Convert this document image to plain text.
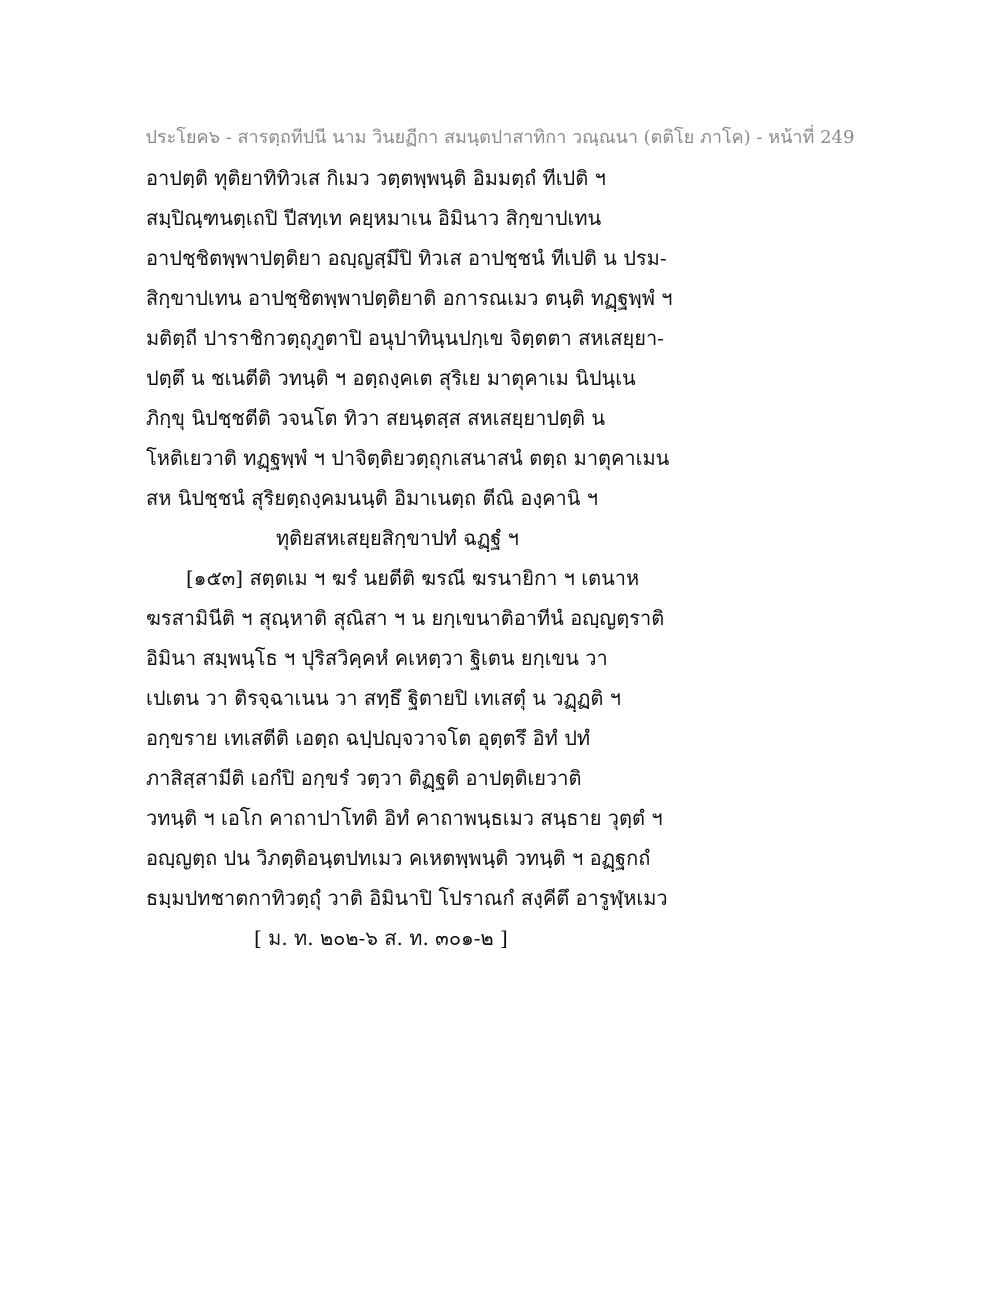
ประโยค๖ - สารตฺถทีปนี นาม วินยฏีกา สมนฺตปาสาทิกา วณฺณนา (ตติโย ภาโค) - หน้าที่ 249
อาปตฺติ ทุติยาทิทิวเส กิเมว วตฺตพฺพนฺติ อิมมตฺถํ ทีเปติ ฯ
สมฺปิณฺฑนตฺเถปิ ปีสทฺเท คยฺหมาเน อิมินาว สิกฺขาปเทน
อาปชฺชิตพฺพาปตฺติยา อญฺญสฺมึปิ ทิวเส อาปชฺชนํ ทีเปติ น ปรม-
สิกฺขาปเทน อาปชฺชิตพฺพาปตฺติยาติ อการณเมว ตนฺติ ทฏฺฐพฺพํ ฯ
มติตฺถี ปาราชิกวตฺถุภูตาปิ อนุปาทินฺนปกฺเข จิตฺตตา สหเสยฺยา-
ปตฺตึ น ชเนตีติ วทนฺติ ฯ อตฺถงฺคเต สุริเย มาตุคาเม นิปนฺเน
ภิกฺขุ นิปชฺชตีติ วจนโต ทิวา สยนฺตสฺส สหเสยฺยาปตฺติ น
โหติเยวาติ ทฏฺฐพฺพํ ฯ ปาจิตฺติยวตฺถุกเสนาสนํ ตตฺถ มาตุคาเมน
สห นิปชฺชนํ สุริยตฺถงฺคมนนฺติ อิมาเนตฺถ ตีณิ องฺคานิ ฯ
ทุติยสหเสยฺยสิกฺขาปทํ ฉฏฺฐํ ฯ
[๑๕๓] สตฺตเม ฯ ฆรํ นยตีติ ฆรณี ฆรนายิกา ฯ เตนาห
ฆรสามินีติ ฯ สุณฺหาติ สุณิสา ฯ น ยกฺเขนาติอาทีนํ อญฺญตฺราติ
อิมินา สมฺพนฺโธ ฯ ปุริสวิคฺคหํ คเหตฺวา ฐิเตน ยกฺเขน วา
เปเตน วา ติรจฺฉาเนน วา สทฺธึ ฐิตายปิ เทเสตุํ น วฏฺฏติ ฯ
อกฺขราย เทเสตีติ เอตฺถ ฉปฺปญฺจวาจโต อุตฺตรึ อิทํ ปทํ
ภาสิสฺสามีติ เอกํปิ อกฺขรํ วตฺวา ติฏฺฐติ อาปตฺติเยวาติ
วทนฺติ ฯ เอโก คาถาปาโทติ อิทํ คาถาพนฺธเมว สนฺธาย วุตฺตํ ฯ
อญฺญตฺถ ปน วิภตฺติอนฺตปทเมว คเหตพฺพนฺติ วทนฺติ ฯ อฏฺฐกถํ
ธมฺมปทชาตกาทิวตฺถุํ วาติ อิมินาปิ โปราณกํ สงฺคีตึ อารูฬฺหเมว
[ ม. ท. ๒๐๒-๖ ส. ท. ๓๐๑-๒ ]
